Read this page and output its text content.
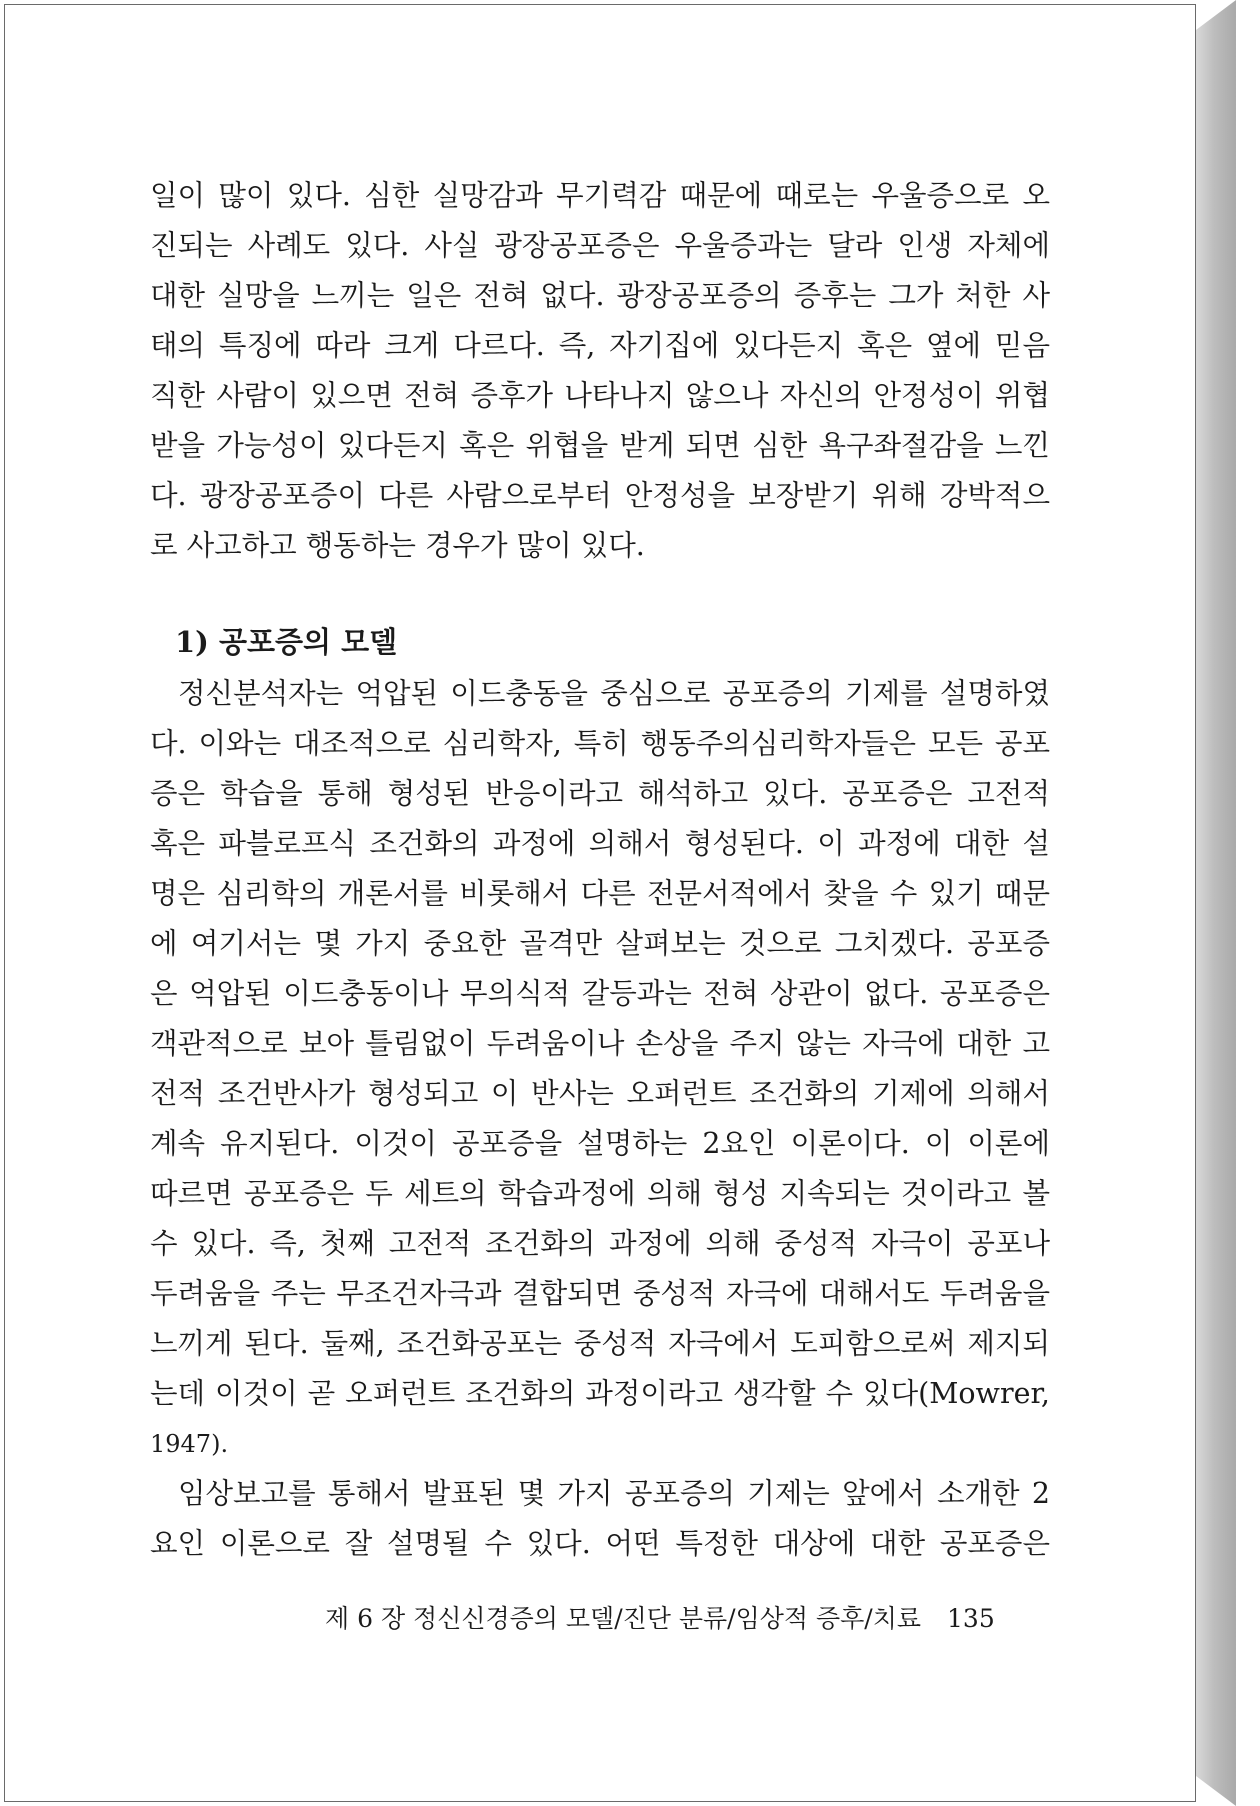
일이 많이 있다. 심한 실망감과 무기력감 때문에 때로는 우울증으로 오
진되는 사례도 있다. 사실 광장공포증은 우울증과는 달라 인생 자체에
대한 실망을 느끼는 일은 전혀 없다. 광장공포증의 증후는 그가 처한 사
태의 특징에 따라 크게 다르다. 즉, 자기집에 있다든지 혹은 옆에 믿음
직한 사람이 있으면 전혀 증후가 나타나지 않으나 자신의 안정성이 위협
받을 가능성이 있다든지 혹은 위협을 받게 되면 심한 욕구좌절감을 느낀
다. 광장공포증이 다른 사람으로부터 안정성을 보장받기 위해 강박적으
로 사고하고 행동하는 경우가 많이 있다.
1) 공포증의 모델
정신분석자는 억압된 이드충동을 중심으로 공포증의 기제를 설명하였
다. 이와는 대조적으로 심리학자, 특히 행동주의심리학자들은 모든 공포
증은 학습을 통해 형성된 반응이라고 해석하고 있다. 공포증은 고전적
혹은 파블로프식 조건화의 과정에 의해서 형성된다. 이 과정에 대한 설
명은 심리학의 개론서를 비롯해서 다른 전문서적에서 찾을 수 있기 때문
에 여기서는 몇 가지 중요한 골격만 살펴보는 것으로 그치겠다. 공포증
은 억압된 이드충동이나 무의식적 갈등과는 전혀 상관이 없다. 공포증은
객관적으로 보아 틀림없이 두려움이나 손상을 주지 않는 자극에 대한 고
전적 조건반사가 형성되고 이 반사는 오퍼런트 조건화의 기제에 의해서
계속 유지된다. 이것이 공포증을 설명하는 2요인 이론이다. 이 이론에
따르면 공포증은 두 세트의 학습과정에 의해 형성 지속되는 것이라고 볼
수 있다. 즉, 첫째 고전적 조건화의 과정에 의해 중성적 자극이 공포나
두려움을 주는 무조건자극과 결합되면 중성적 자극에 대해서도 두려움을
느끼게 된다. 둘째, 조건화공포는 중성적 자극에서 도피함으로써 제지되
는데 이것이 곧 오퍼런트 조건화의 과정이라고 생각할 수 있다(Mowrer,
1947).
임상보고를 통해서 발표된 몇 가지 공포증의 기제는 앞에서 소개한 2
요인 이론으로 잘 설명될 수 있다. 어떤 특정한 대상에 대한 공포증은
제 6 장 정신신경증의 모델/진단 분류/임상적 증후/치료 135
